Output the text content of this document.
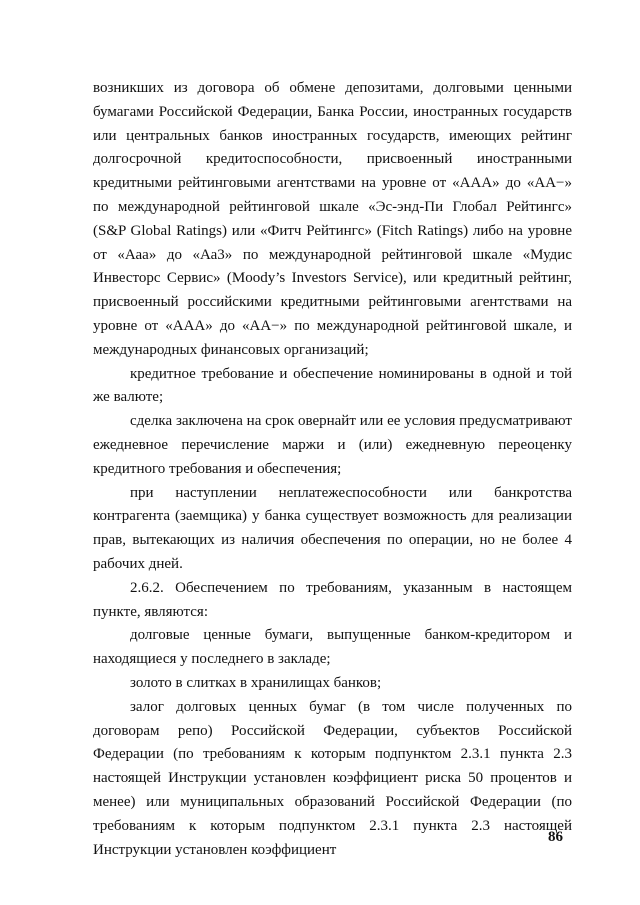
возникших из договора об обмене депозитами, долговыми ценными бумагами Российской Федерации, Банка России, иностранных государств или центральных банков иностранных государств, имеющих рейтинг долгосрочной кредитоспособности, присвоенный иностранными кредитными рейтинговыми агентствами на уровне от «ААА» до «АА−» по международной рейтинговой шкале «Эс-энд-Пи Глобал Рейтингс» (S&P Global Ratings) или «Фитч Рейтингс» (Fitch Ratings) либо на уровне от «Ааа» до «Аа3» по международной рейтинговой шкале «Мудис Инвесторс Сервис» (Moody’s Investors Service), или кредитный рейтинг, присвоенный российскими кредитными рейтинговыми агентствами на уровне от «ААА» до «АА−» по международной рейтинговой шкале, и международных финансовых организаций;

кредитное требование и обеспечение номинированы в одной и той же валюте;

сделка заключена на срок овернайт или ее условия предусматривают ежедневное перечисление маржи и (или) ежедневную переоценку кредитного требования и обеспечения;

при наступлении неплатежеспособности или банкротства контрагента (заемщика) у банка существует возможность для реализации прав, вытекающих из наличия обеспечения по операции, но не более 4 рабочих дней.

2.6.2. Обеспечением по требованиям, указанным в настоящем пункте, являются:

долговые ценные бумаги, выпущенные банком-кредитором и находящиеся у последнего в закладе;

золото в слитках в хранилищах банков;

залог долговых ценных бумаг (в том числе полученных по договорам репо) Российской Федерации, субъектов Российской Федерации (по требованиям к которым подпунктом 2.3.1 пункта 2.3 настоящей Инструкции установлен коэффициент риска 50 процентов и менее) или муниципальных образований Российской Федерации (по требованиям к которым подпунктом 2.3.1 пункта 2.3 настоящей Инструкции установлен коэффициент

86
